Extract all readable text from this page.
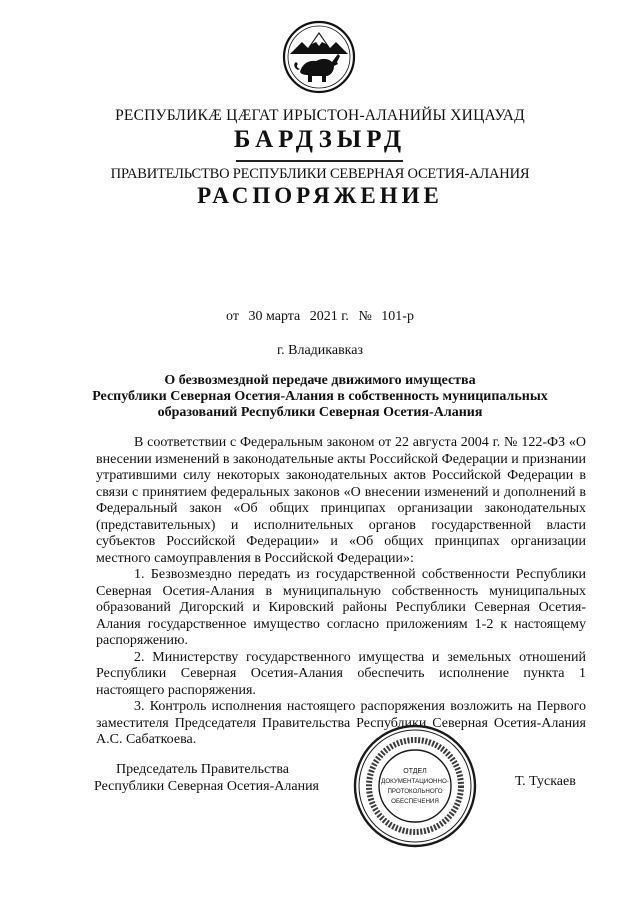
РЕСПУБЛИКӔ ЦӔГАТ ИРЫСТОН-АЛАНИЙЫ ХИЦАУАД
БАРДЗЫРД
ПРАВИТЕЛЬСТВО РЕСПУБЛИКИ СЕВЕРНАЯ ОСЕТИЯ-АЛАНИЯ
РАСПОРЯЖЕНИЕ
от 30 марта 2021 г. № 101-р
г. Владикавказ
О безвозмездной передаче движимого имущества
Республики Северная Осетия-Алания в собственность муниципальных
образований Республики Северная Осетия-Алания

В соответствии с Федеральным законом от 22 августа 2004 г. № 122-ФЗ «О внесении изменений в законодательные акты Российской Федерации и признании утратившими силу некоторых законодательных актов Российской Федерации в связи с принятием федеральных законов «О внесении изменений и дополнений в Федеральный закон «Об общих принципах организации законодательных (представительных) и исполнительных органов государственной власти субъектов Российской Федерации» и «Об общих принципах организации местного самоуправления в Российской Федерации»:

1. Безвозмездно передать из государственной собственности Республики Северная Осетия-Алания в муниципальную собственность муниципальных образований Дигорский и Кировский районы Республики Северная Осетия-Алания государственное имущество согласно приложениям 1-2 к настоящему распоряжению.

2. Министерству государственного имущества и земельных отношений Республики Северная Осетия-Алания обеспечить исполнение пункта 1 настоящего распоряжения.

3. Контроль исполнения настоящего распоряжения возложить на Первого заместителя Председателя Правительства Республики Северная Осетия-Алания А.С. Сабаткоева.

Председатель Правительства
Республики Северная Осетия-Алания	Т. Тускаев
ОТДЕЛ
ДОКУМЕНТАЦИОННО-
ПРОТОКОЛЬНОГО
ОБЕСПЕЧЕНИЯ
